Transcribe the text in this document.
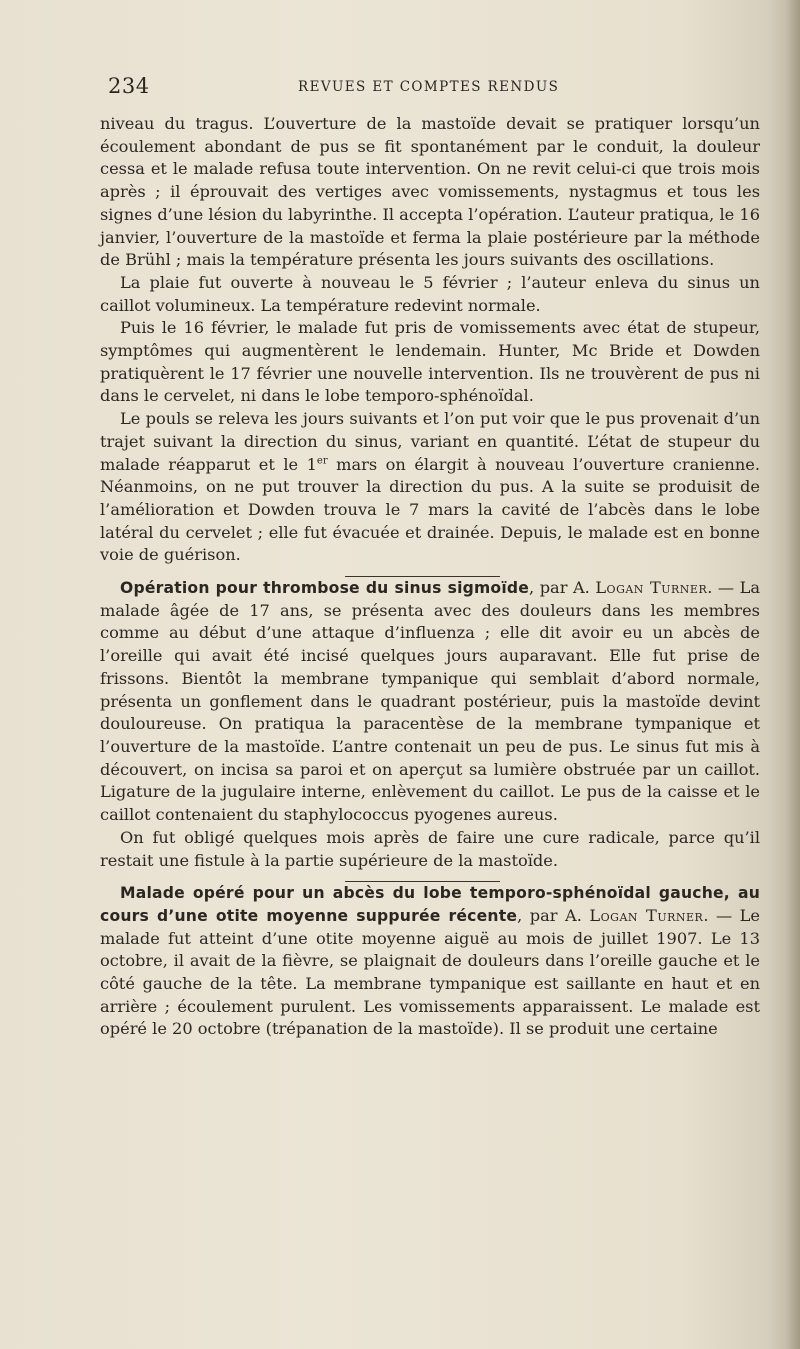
234	REVUES ET COMPTES RENDUS

niveau du tragus. L’ouverture de la mastoïde devait se pratiquer lorsqu’un écoulement abondant de pus se fit spontanément par le conduit, la douleur cessa et le malade refusa toute intervention. On ne revit celui-ci que trois mois après ; il éprouvait des vertiges avec vomissements, nystagmus et tous les signes d’une lésion du labyrinthe. Il accepta l’opération. L’auteur pratiqua, le 16 janvier, l’ouverture de la mastoïde et ferma la plaie postérieure par la méthode de Brühl ; mais la température présenta les jours suivants des oscillations.

La plaie fut ouverte à nouveau le 5 février ; l’auteur enleva du sinus un caillot volumineux. La température redevint normale.

Puis le 16 février, le malade fut pris de vomissements avec état de stupeur, symptômes qui augmentèrent le lendemain. Hunter, Mc Bride et Dowden pratiquèrent le 17 février une nouvelle intervention. Ils ne trouvèrent de pus ni dans le cervelet, ni dans le lobe temporo-sphénoïdal.

Le pouls se releva les jours suivants et l’on put voir que le pus provenait d’un trajet suivant la direction du sinus, variant en quantité. L’état de stupeur du malade réapparut et le 1er mars on élargit à nouveau l’ouverture cranienne. Néanmoins, on ne put trouver la direction du pus. A la suite se produisit de l’amélioration et Dowden trouva le 7 mars la cavité de l’abcès dans le lobe latéral du cervelet ; elle fut évacuée et drainée. Depuis, le malade est en bonne voie de guérison.

Opération pour thrombose du sinus sigmoïde, par A. Logan Turner. — La malade âgée de 17 ans, se présenta avec des douleurs dans les membres comme au début d’une attaque d’influenza ; elle dit avoir eu un abcès de l’oreille qui avait été incisé quelques jours auparavant. Elle fut prise de frissons. Bientôt la membrane tympanique qui semblait d’abord normale, présenta un gonflement dans le quadrant postérieur, puis la mastoïde devint douloureuse. On pratiqua la paracentèse de la membrane tympanique et l’ouverture de la mastoïde. L’antre contenait un peu de pus. Le sinus fut mis à découvert, on incisa sa paroi et on aperçut sa lumière obstruée par un caillot. Ligature de la jugulaire interne, enlèvement du caillot. Le pus de la caisse et le caillot contenaient du staphylococcus pyogenes aureus.

On fut obligé quelques mois après de faire une cure radicale, parce qu’il restait une fistule à la partie supérieure de la mastoïde.

Malade opéré pour un abcès du lobe temporo-sphénoïdal gauche, au cours d’une otite moyenne suppurée récente, par A. Logan Turner. — Le malade fut atteint d’une otite moyenne aiguë au mois de juillet 1907. Le 13 octobre, il avait de la fièvre, se plaignait de douleurs dans l’oreille gauche et le côté gauche de la tête. La membrane tympanique est saillante en haut et en arrière ; écoulement purulent. Les vomissements apparaissent. Le malade est opéré le 20 octobre (trépanation de la mastoïde). Il se produit une certaine
